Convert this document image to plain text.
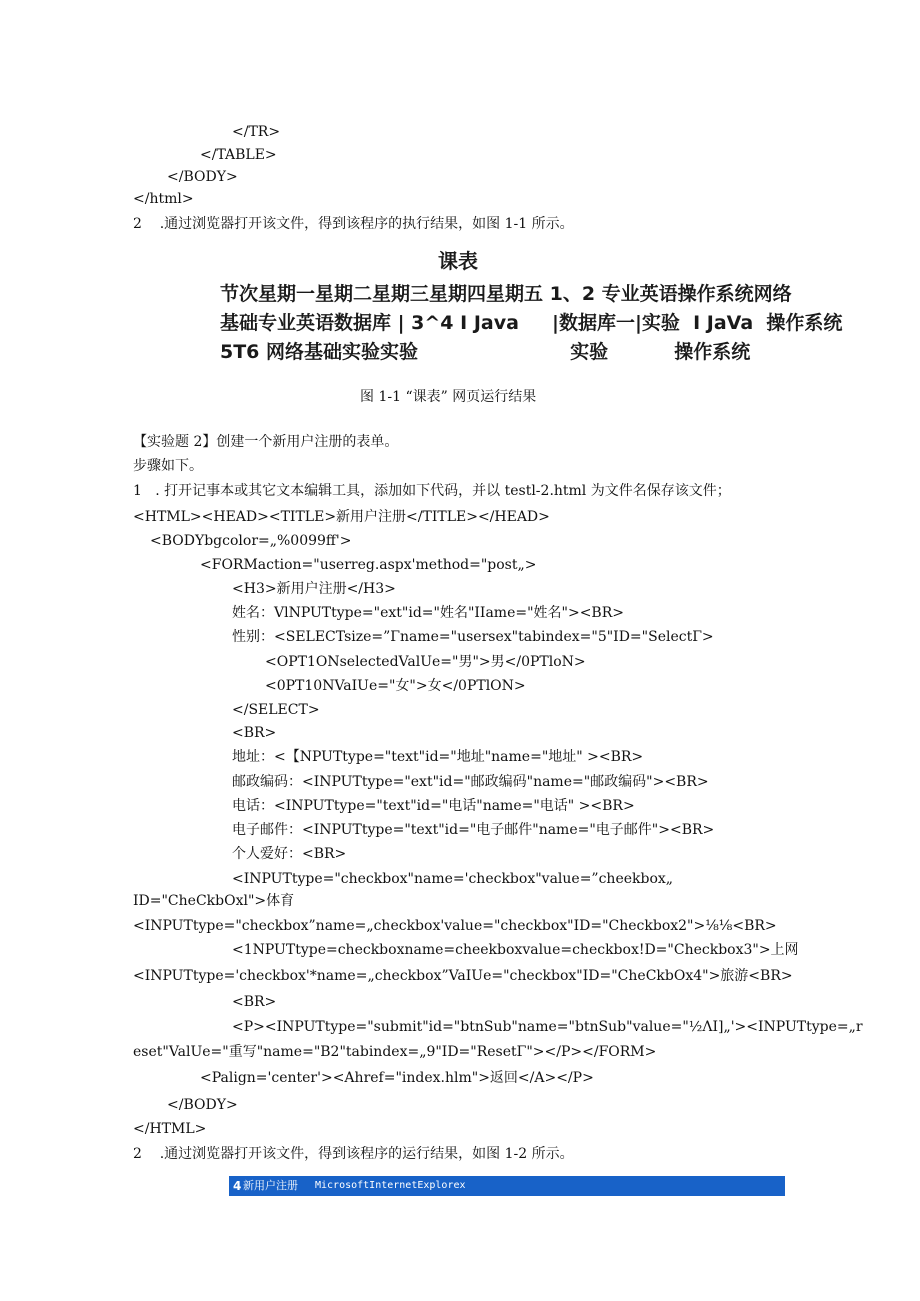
</TR>
</TABLE>
</BODY>
</html>
2    .通过浏览器打开该文件，得到该程序的执行结果，如图 1-1 所示。
课表
节次星期一星期二星期三星期四星期五 1、2 专业英语操作系统网络
基础专业英语数据库 | 3^4 I Java     |数据库一|实验  I JaVa  操作系统
5T6 网络基础实验实验                       实验          操作系统
图 1-1 “课表” 网页运行结果
【实验题 2】创建一个新用户注册的表单。
步骤如下。
1   . 打开记事本或其它文本编辑工具，添加如下代码，并以 testl-2.html 为文件名保存该文件；
<HTML><HEAD><TITLE>新用户注册</TITLE></HEAD>
<BODYbgcolor=„%0099ff'>
<FORMaction="userreg.aspx'method="post„>
<H3>新用户注册</H3>
姓名：VlNPUTtype="ext"id="姓名"IIame="姓名"><BR>
性别：<SELECTsize=”Γname="usersex"tabindex="5"ID="SelectΓ>
<OPT1ONselectedValUe="男">男</0PTloN>
<0PT10NVaIUe="女">女</0PTlON>
</SELECT>
<BR>
地址：<【NPUTtype="text"id="地址"name="地址" ><BR>
邮政编码：<INPUTtype="ext"id="邮政编码"name="邮政编码"><BR>
电话：<INPUTtype="text"id="电话"name="电话" ><BR>
电子邮件：<INPUTtype="text"id="电子邮件"name="电子邮件"><BR>
个人爱好：<BR>
<INPUTtype="checkbox"name='checkbox"value=”cheekbox„
ID="CheCkbOxl">体育
<INPUTtype="checkbox”name=„checkbox'value="checkbox"ID="Checkbox2">⅛⅛<BR>
<1NPUTtype=checkboxname=cheekboxvalue=checkbox!D="Checkbox3">上网
<INPUTtype='checkbox'*name=„checkbox”VaIUe="checkbox"ID="CheCkbOx4">旅游<BR>
<BR>
<P><INPUTtype="submit"id="btnSub"name="btnSub"value="½ΛI]„'><INPUTtype=„r
eset"ValUe="重写"name="B2"tabindex=„9"ID="ResetΓ"></P></FORM>
<Palign='center'><Ahref="index.hlm">返回</A></P>
</BODY>
</HTML>
2    .通过浏览器打开该文件，得到该程序的运行结果，如图 1-2 所示。

4

新用户注册

MicrosoftInternetExplorex
